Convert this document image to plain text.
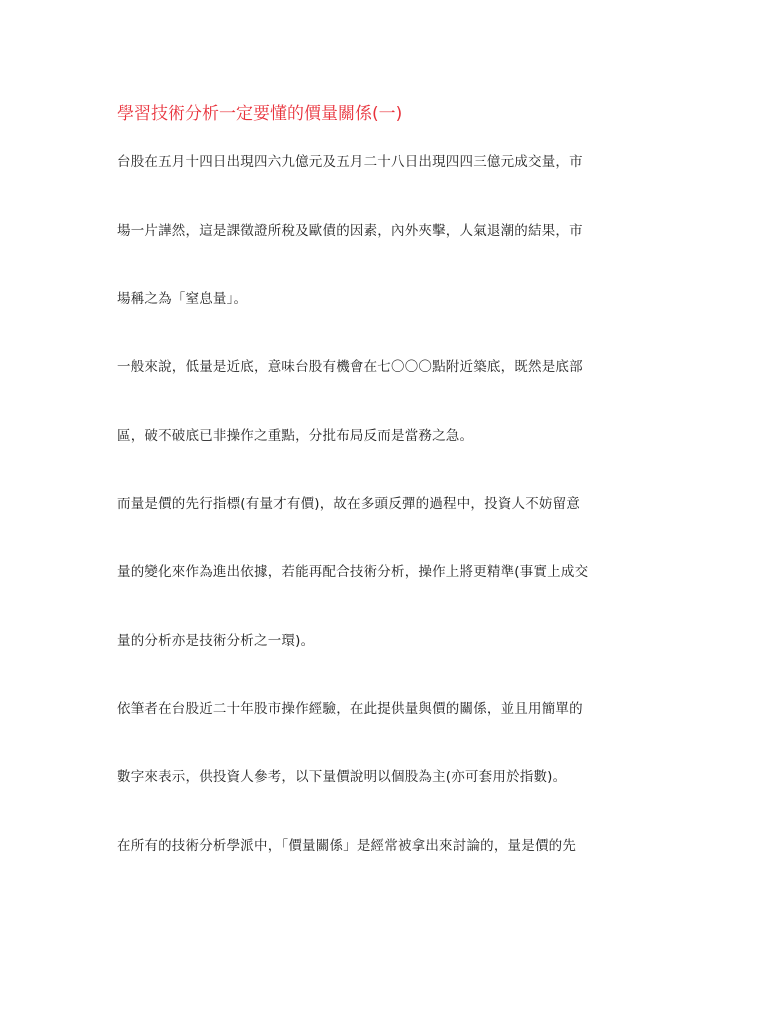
學習技術分析一定要懂的價量關係(一)

台股在五月十四日出現四六九億元及五月二十八日出現四四三億元成交量，市

場一片譁然，這是課徵證所稅及歐債的因素，內外夾擊，人氣退潮的結果，市

場稱之為「窒息量」。

一般來說，低量是近底，意味台股有機會在七〇〇〇點附近築底，既然是底部

區，破不破底已非操作之重點，分批布局反而是當務之急。

而量是價的先行指標(有量才有價)，故在多頭反彈的過程中，投資人不妨留意

量的變化來作為進出依據，若能再配合技術分析，操作上將更精準(事實上成交

量的分析亦是技術分析之一環)。

依筆者在台股近二十年股市操作經驗，在此提供量與價的關係，並且用簡單的

數字來表示，供投資人參考，以下量價說明以個股為主(亦可套用於指數)。

在所有的技術分析學派中，「價量關係」是經常被拿出來討論的，量是價的先
